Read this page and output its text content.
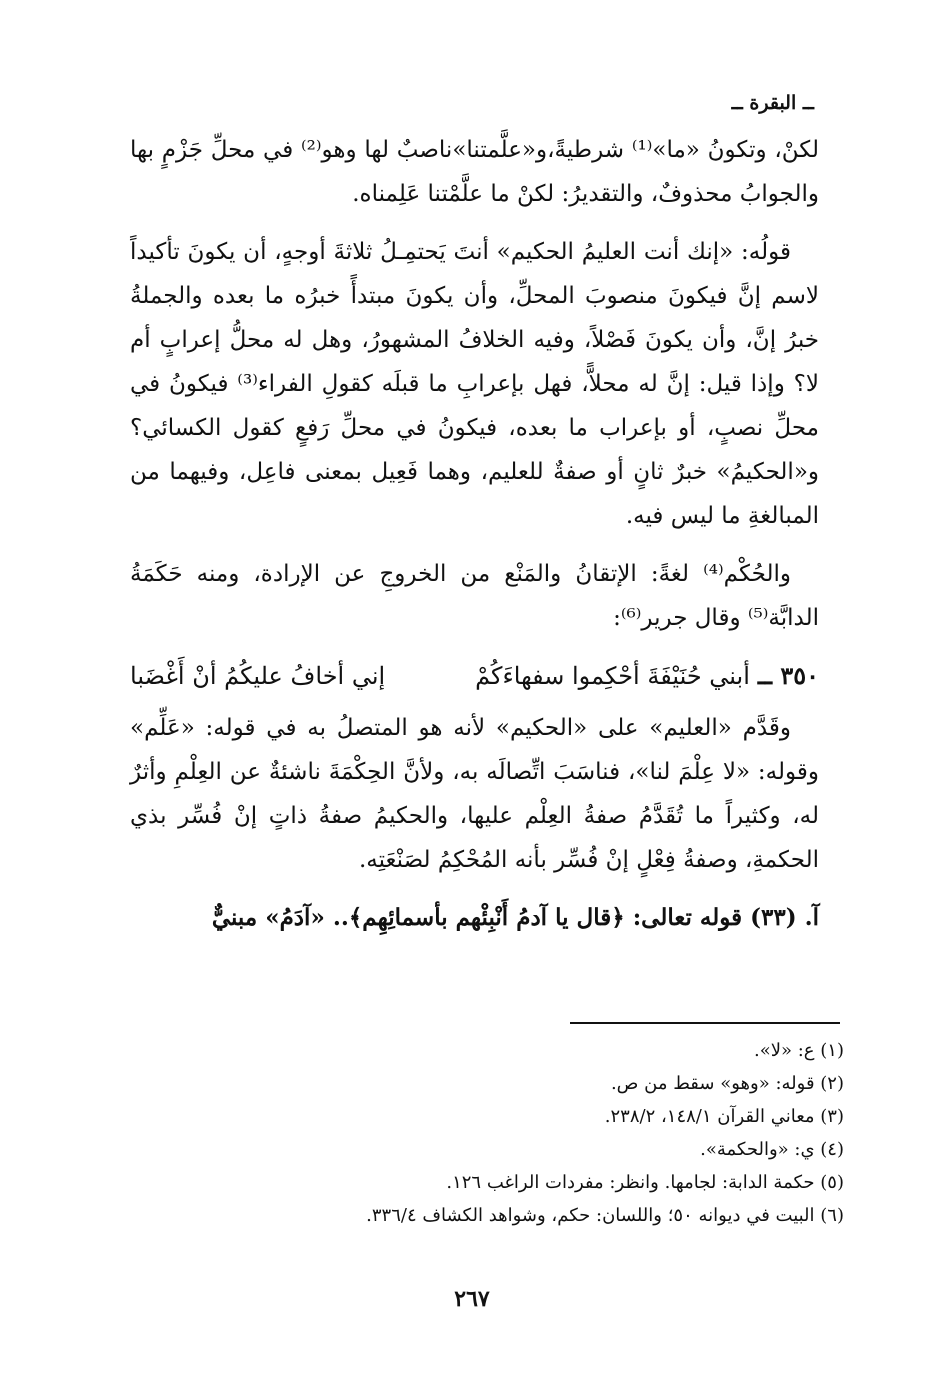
ــ البقرة ــ

لكنْ، وتكونُ «ما»⁽¹⁾ شرطيةً،و«علَّمتنا»ناصبٌ لها وهو⁽²⁾ في محلِّ جَزْمٍ بها والجوابُ محذوفٌ، والتقديرُ: لكنْ ما علَّمْتنا عَلِمناه.

قولُه: «إنك أنت العليمُ الحكيم» أنتَ يَحتمِـلُ ثلاثةَ أوجهٍ، أن يكونَ تأكيداً لاسم إنَّ فيكونَ منصوبَ المحلِّ، وأن يكونَ مبتدأً خبرُه ما بعده والجملةُ خبرُ إنَّ، وأن يكونَ فَصْلاً، وفيه الخلافُ المشهورُ، وهل له محلُّ إعرابٍ أم لا؟ وإذا قيل: إنَّ له محلاًّ، فهل بإعرابِ ما قبلَه كقولِ الفراء⁽³⁾ فيكونُ في محلِّ نصبٍ، أو بإعراب ما بعده، فيكونُ في محلِّ رَفعٍ كقول الكسائي؟ و«الحكيمُ» خبرٌ ثانٍ أو صفةٌ للعليم، وهما فَعِيل بمعنى فاعِل، وفيهما من المبالغةِ ما ليس فيه.

والحُكْم⁽⁴⁾ لغةً: الإتقانُ والمَنْع من الخروجِ عن الإرادة، ومنه حَكَمَةُ الدابَّة⁽⁵⁾ وقال جرير⁽⁶⁾:

٣٥٠ ــ
أبني حُنَيْفَةَ أحْكِموا سفهاءَكُمْ
إني أخافُ عليكُمُ أنْ أَغْضَبا

وقَدَّم «العليم» على «الحكيم» لأنه هو المتصلُ به في قوله: «عَلِّم» وقوله: «لا عِلْمَ لنا»، فناسَبَ اتِّصالَه به، ولأنَّ الحِكْمَةَ ناشئةٌ عن العِلْمِ وأثرٌ له، وكثيراً ما تُقَدَّمُ صفةُ العِلْم عليها، والحكيمُ صفةُ ذاتٍ إنْ فُسِّر بذي الحكمةِ، وصفةُ فِعْلٍ إنْ فُسِّر بأنه المُحْكِمُ لصَنْعَتِه.

آ. (٣٣) قوله تعالى: ﴿قال يا آدمُ أَنْبِئْهم بأسمائِهِم﴾.. «آدَمُ» مبنيٌّ
(١) ع: «لا».
(٢) قوله: «وهو» سقط من ص.
(٣) معاني القرآن ١٤٨/١، ٢٣٨/٢.
(٤) ي: «والحكمة».
(٥) حكمة الدابة: لجامها. وانظر: مفردات الراغب ١٢٦.
(٦) البيت في ديوانه ٥٠؛ واللسان: حكم، وشواهد الكشاف ٣٣٦/٤.
٢٦٧
